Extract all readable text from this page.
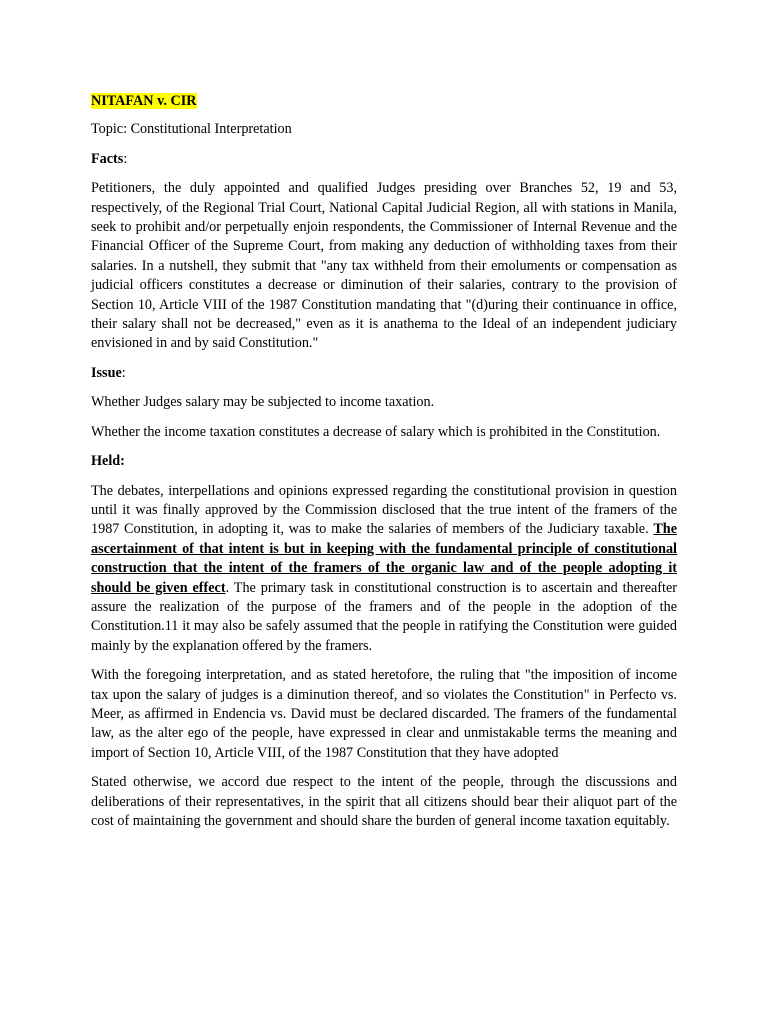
NITAFAN v. CIR

Topic: Constitutional Interpretation

Facts:

Petitioners, the duly appointed and qualified Judges presiding over Branches 52, 19 and 53, respectively, of the Regional Trial Court, National Capital Judicial Region, all with stations in Manila, seek to prohibit and/or perpetually enjoin respondents, the Commissioner of Internal Revenue and the Financial Officer of the Supreme Court, from making any deduction of withholding taxes from their salaries. In a nutshell, they submit that "any tax withheld from their emoluments or compensation as judicial officers constitutes a decrease or diminution of their salaries, contrary to the provision of Section 10, Article VIII of the 1987 Constitution mandating that "(d)uring their continuance in office, their salary shall not be decreased," even as it is anathema to the Ideal of an independent judiciary envisioned in and by said Constitution."

Issue:

Whether Judges salary may be subjected to income taxation.

Whether the income taxation constitutes a decrease of salary which is prohibited in the Constitution.

Held:

The debates, interpellations and opinions expressed regarding the constitutional provision in question until it was finally approved by the Commission disclosed that the true intent of the framers of the 1987 Constitution, in adopting it, was to make the salaries of members of the Judiciary taxable. The ascertainment of that intent is but in keeping with the fundamental principle of constitutional construction that the intent of the framers of the organic law and of the people adopting it should be given effect. The primary task in constitutional construction is to ascertain and thereafter assure the realization of the purpose of the framers and of the people in the adoption of the Constitution.11 it may also be safely assumed that the people in ratifying the Constitution were guided mainly by the explanation offered by the framers.

With the foregoing interpretation, and as stated heretofore, the ruling that "the imposition of income tax upon the salary of judges is a diminution thereof, and so violates the Constitution" in Perfecto vs. Meer, as affirmed in Endencia vs. David must be declared discarded. The framers of the fundamental law, as the alter ego of the people, have expressed in clear and unmistakable terms the meaning and import of Section 10, Article VIII, of the 1987 Constitution that they have adopted

Stated otherwise, we accord due respect to the intent of the people, through the discussions and deliberations of their representatives, in the spirit that all citizens should bear their aliquot part of the cost of maintaining the government and should share the burden of general income taxation equitably.
